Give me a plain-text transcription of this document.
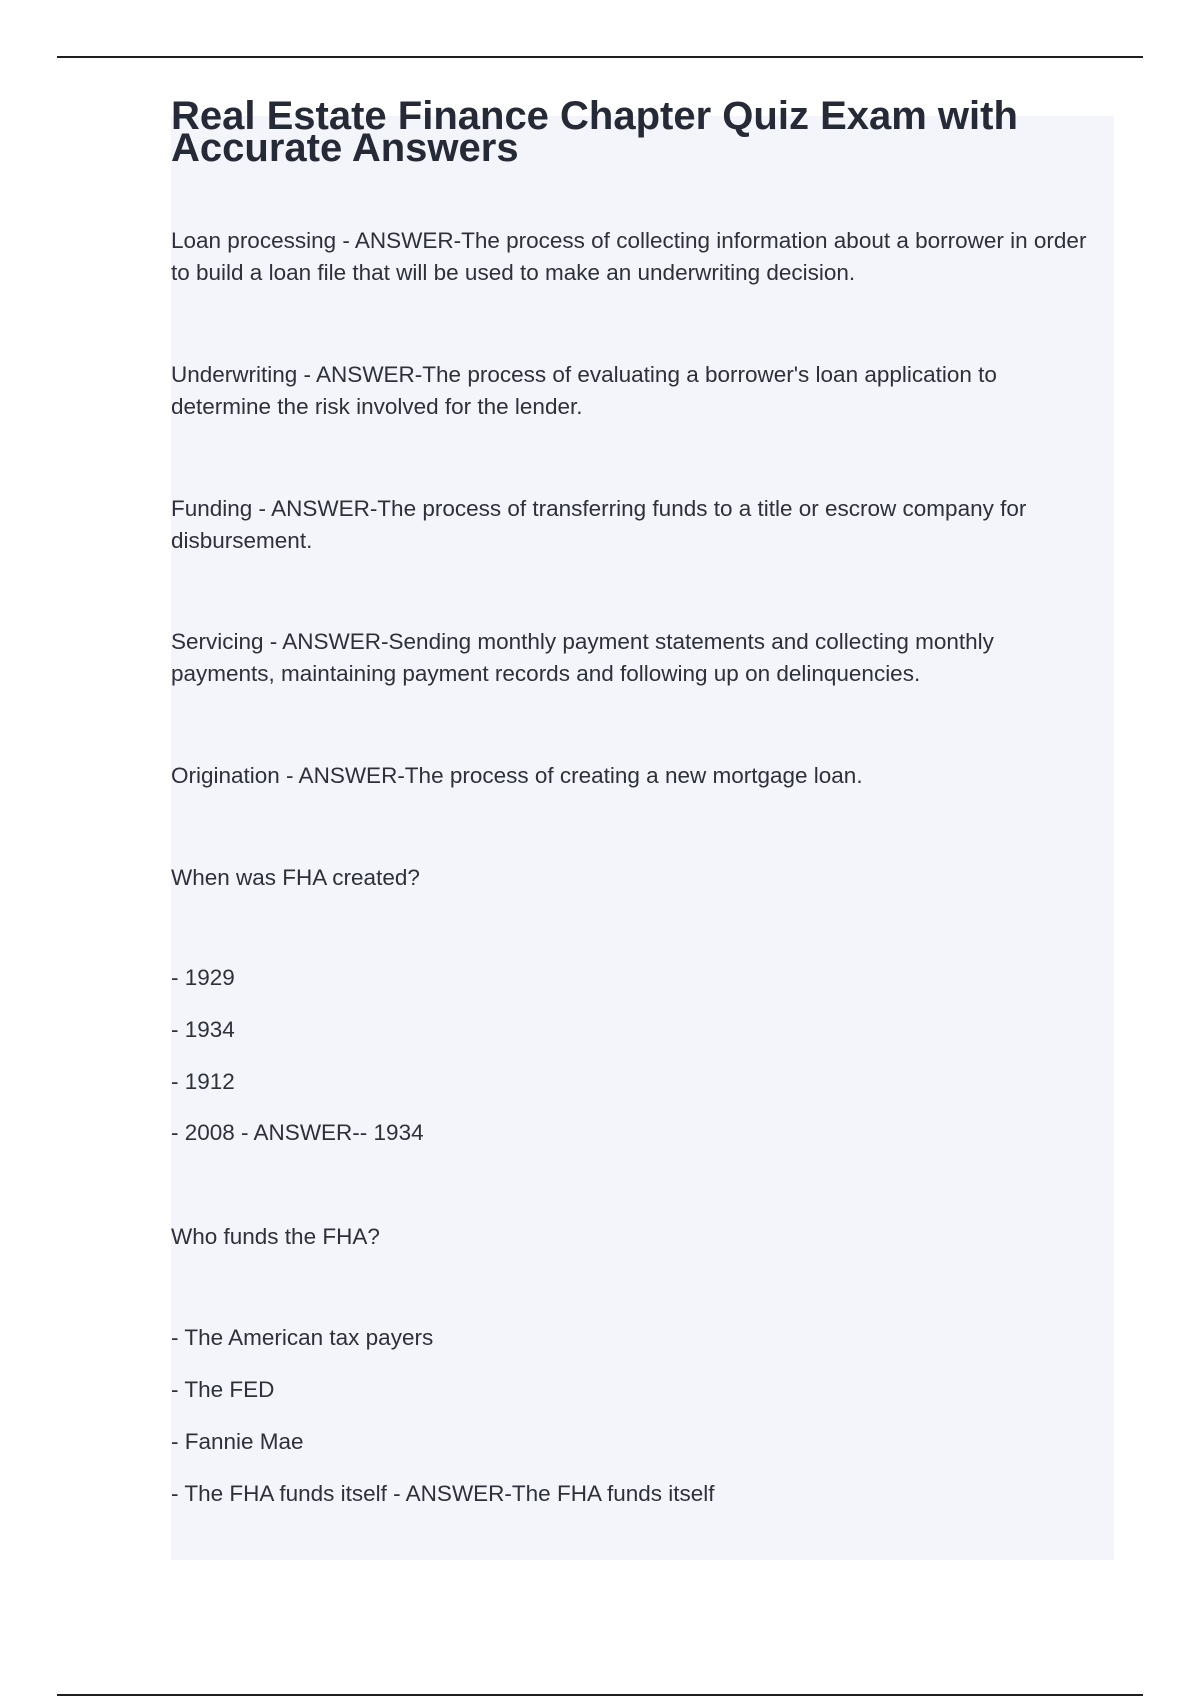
Real Estate Finance Chapter Quiz Exam with Accurate Answers
Loan processing - ANSWER-The process of collecting information about a borrower in order to build a loan file that will be used to make an underwriting decision.
Underwriting - ANSWER-The process of evaluating a borrower's loan application to determine the risk involved for the lender.
Funding - ANSWER-The process of transferring funds to a title or escrow company for disbursement.
Servicing - ANSWER-Sending monthly payment statements and collecting monthly payments, maintaining payment records and following up on delinquencies.
Origination - ANSWER-The process of creating a new mortgage loan.
When was FHA created?
- 1929
- 1934
- 1912
- 2008 - ANSWER-- 1934
Who funds the FHA?
- The American tax payers
- The FED
- Fannie Mae
- The FHA funds itself - ANSWER-The FHA funds itself
